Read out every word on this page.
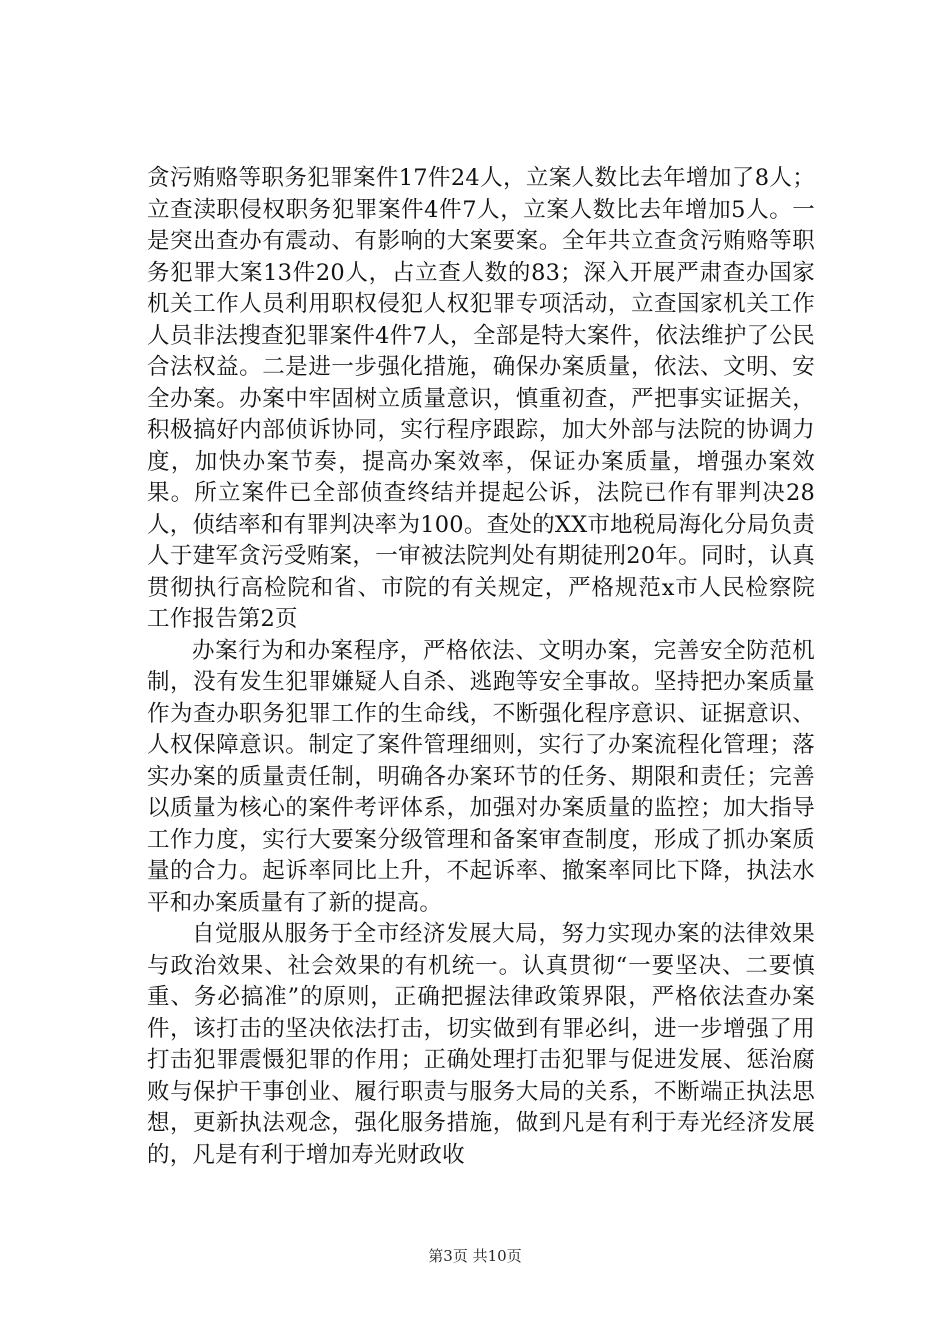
贪污贿赂等职务犯罪案件17件24人，立案人数比去年增加了8人；立查渎职侵权职务犯罪案件4件7人，立案人数比去年增加5人。一是突出查办有震动、有影响的大案要案。全年共立查贪污贿赂等职务犯罪大案13件20人，占立查人数的83；深入开展严肃查办国家机关工作人员利用职权侵犯人权犯罪专项活动，立查国家机关工作人员非法搜查犯罪案件4件7人，全部是特大案件，依法维护了公民合法权益。二是进一步强化措施，确保办案质量，依法、文明、安全办案。办案中牢固树立质量意识，慎重初查，严把事实证据关，积极搞好内部侦诉协同，实行程序跟踪，加大外部与法院的协调力度，加快办案节奏，提高办案效率，保证办案质量，增强办案效果。所立案件已全部侦查终结并提起公诉，法院已作有罪判决28人，侦结率和有罪判决率为100。查处的XX市地税局海化分局负责人于建军贪污受贿案，一审被法院判处有期徒刑20年。同时，认真贯彻执行高检院和省、市院的有关规定，严格规范x市人民检察院工作报告第2页

办案行为和办案程序，严格依法、文明办案，完善安全防范机制，没有发生犯罪嫌疑人自杀、逃跑等安全事故。坚持把办案质量作为查办职务犯罪工作的生命线，不断强化程序意识、证据意识、人权保障意识。制定了案件管理细则，实行了办案流程化管理；落实办案的质量责任制，明确各办案环节的任务、期限和责任；完善以质量为核心的案件考评体系，加强对办案质量的监控；加大指导工作力度，实行大要案分级管理和备案审查制度，形成了抓办案质量的合力。起诉率同比上升，不起诉率、撤案率同比下降，执法水平和办案质量有了新的提高。

自觉服从服务于全市经济发展大局，努力实现办案的法律效果与政治效果、社会效果的有机统一。认真贯彻“一要坚决、二要慎重、务必搞准”的原则，正确把握法律政策界限，严格依法查办案件，该打击的坚决依法打击，切实做到有罪必纠，进一步增强了用打击犯罪震慑犯罪的作用；正确处理打击犯罪与促进发展、惩治腐败与保护干事创业、履行职责与服务大局的关系，不断端正执法思想，更新执法观念，强化服务措施，做到凡是有利于寿光经济发展的，凡是有利于增加寿光财政收

第3页 共10页
